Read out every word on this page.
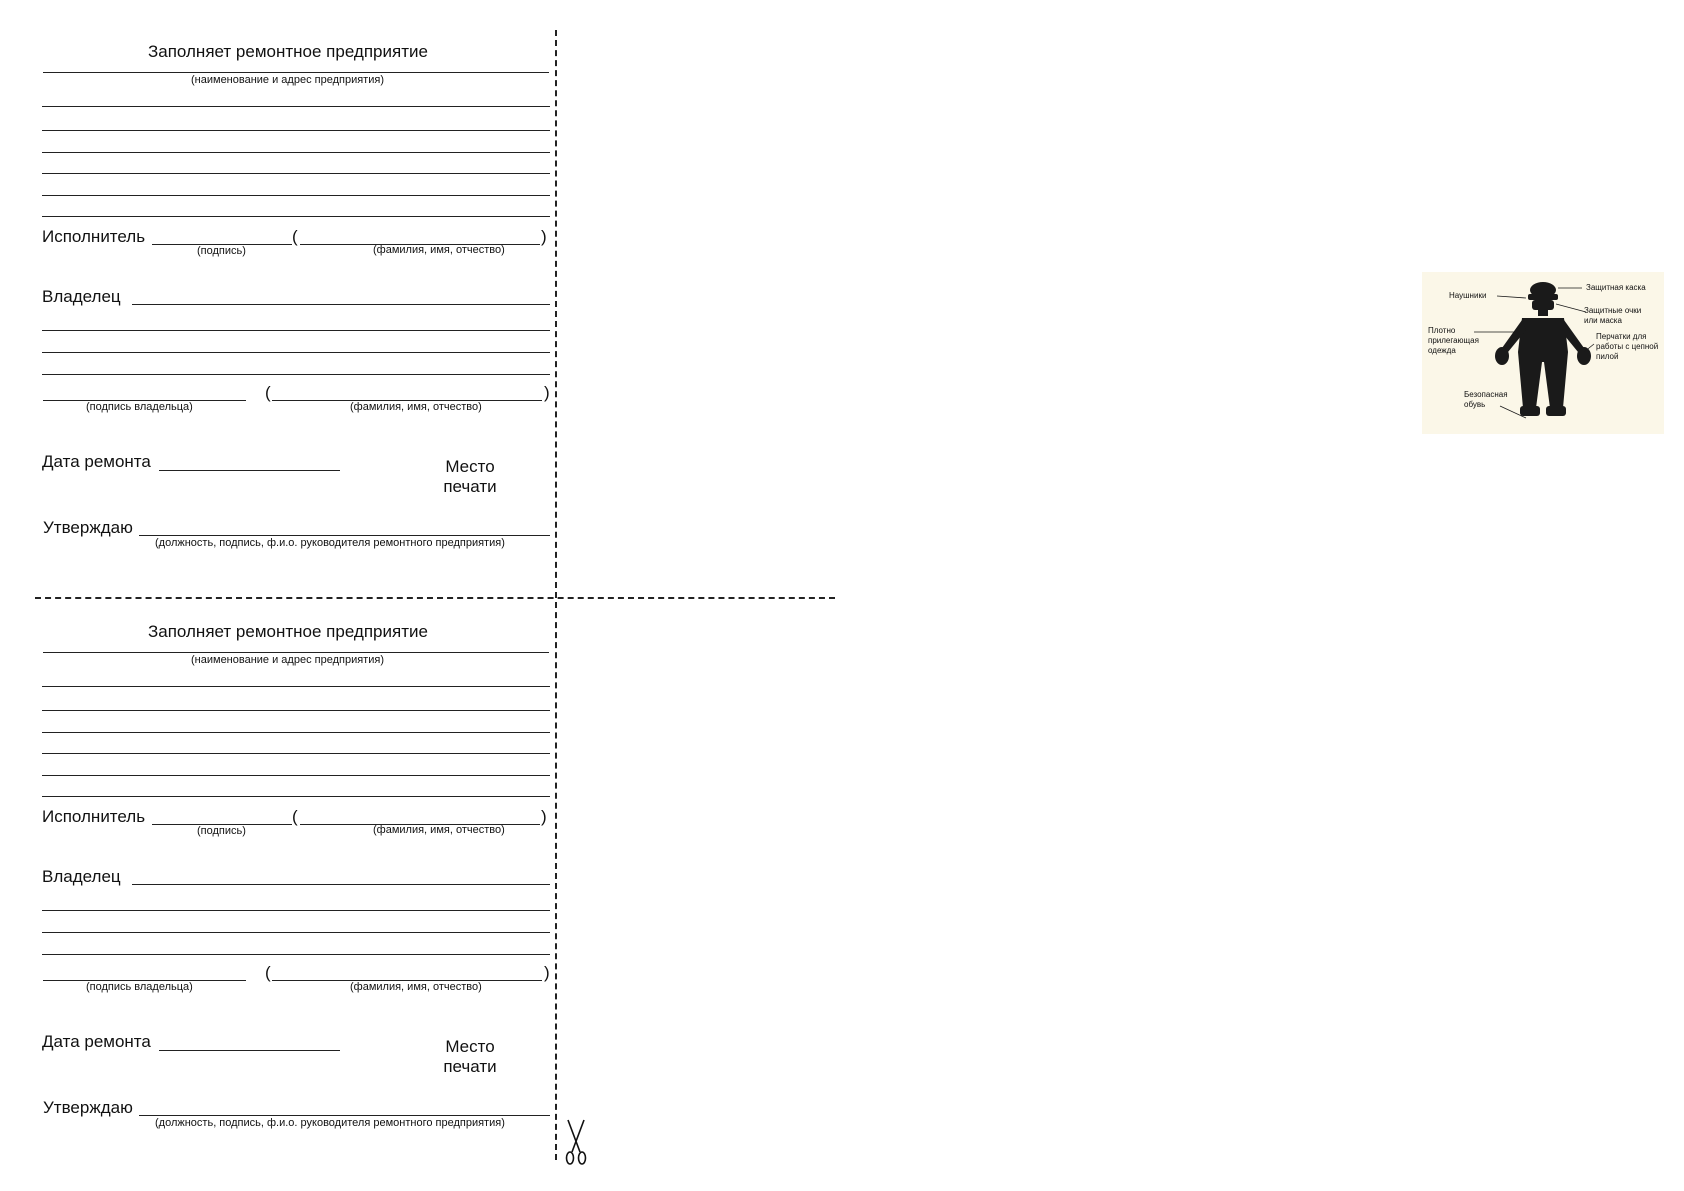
Заполняет ремонтное предприятие
(наименование и адрес предприятия)
Исполнитель	(	)
(подпись)	(фамилия, имя, отчество)
Владелец
(	)
(подпись владельца)	(фамилия, имя, отчество)
Дата ремонта	Место
печати
Утверждаю
(должность, подпись, ф.и.о. руководителя ремонтного предприятия)
Заполняет ремонтное предприятие
(наименование и адрес предприятия)
Исполнитель	(	)
(подпись)	(фамилия, имя, отчество)
Владелец
(	)
(подпись владельца)	(фамилия, имя, отчество)
Дата ремонта	Место
печати
Утверждаю
(должность, подпись, ф.и.о. руководителя ремонтного предприятия)
Защитная каска
Наушники
Защитные очки или маска
Плотно прилегающая одежда
Перчатки для работы с цепной пилой
Безопасная обувь
